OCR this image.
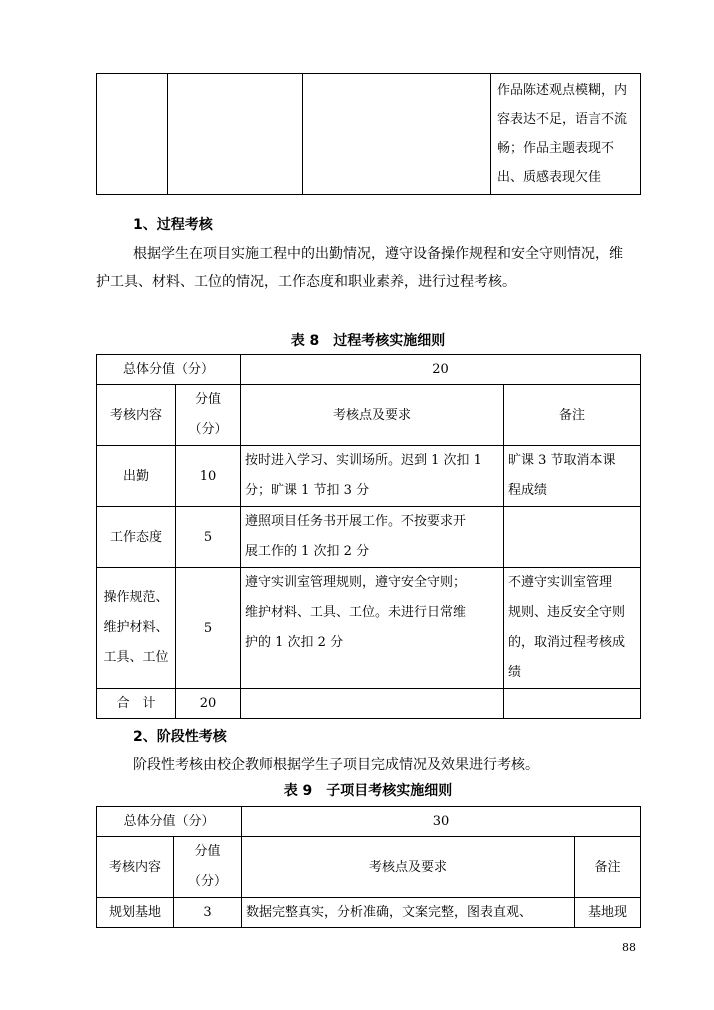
作品陈述观点模糊，内
容表达不足，语言不流
畅；作品主题表现不
出、质感表现欠佳
1、过程考核
根据学生在项目实施工程中的出勤情况，遵守设备操作规程和安全守则情况，维
护工具、材料、工位的情况，工作态度和职业素养，进行过程考核。
表 8　过程考核实施细则
总体分值（分）		20	
考核内容	分值
（分）	考核点及要求	备注
出勤	10	按时进入学习、实训场所。迟到 1 次扣 1
分；旷课 1 节扣 3 分	旷课 3 节取消本课
程成绩
工作态度	5	遵照项目任务书开展工作。不按要求开
展工作的 1 次扣 2 分	
操作规范、
维护材料、
工具、工位	5	遵守实训室管理规则，遵守安全守则；
维护材料、工具、工位。未进行日常维
护的 1 次扣 2 分	不遵守实训室管理
规则、违反安全守则
的，取消过程考核成
绩
合　计	20		
2、阶段性考核
阶段性考核由校企教师根据学生子项目完成情况及效果进行考核。
表 9　子项目考核实施细则
总体分值（分）		30	
考核内容	分值
（分）	考核点及要求	备注
规划基地	3	数据完整真实，分析准确，文案完整，图表直观、	基地现
88
